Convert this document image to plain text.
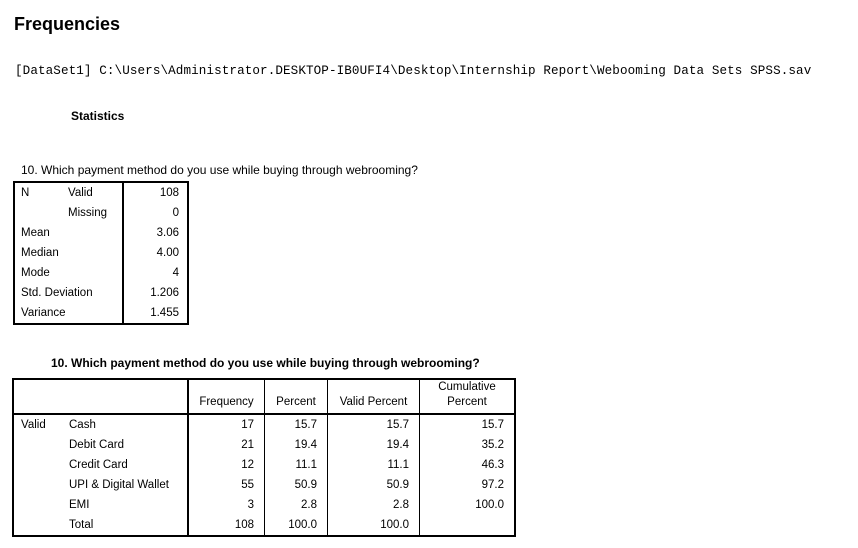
Frequencies
[DataSet1] C:\Users\Administrator.DESKTOP-IB0UFI4\Desktop\Internship Report\Webooming Data Sets SPSS.sav
Statistics
10. Which payment method do you use while buying through webrooming?
N	Valid	108
	Missing	0
Mean		3.06
Median		4.00
Mode		4
Std. Deviation		1.206
Variance		1.455
10. Which payment method do you use while buying through webrooming?
		Frequency	Percent	Valid Percent	Cumulative
Percent
Valid	Cash	17	15.7	15.7	15.7
	Debit Card	21	19.4	19.4	35.2
	Credit Card	12	11.1	11.1	46.3
	UPI & Digital Wallet	55	50.9	50.9	97.2
	EMI	3	2.8	2.8	100.0
	Total	108	100.0	100.0	
